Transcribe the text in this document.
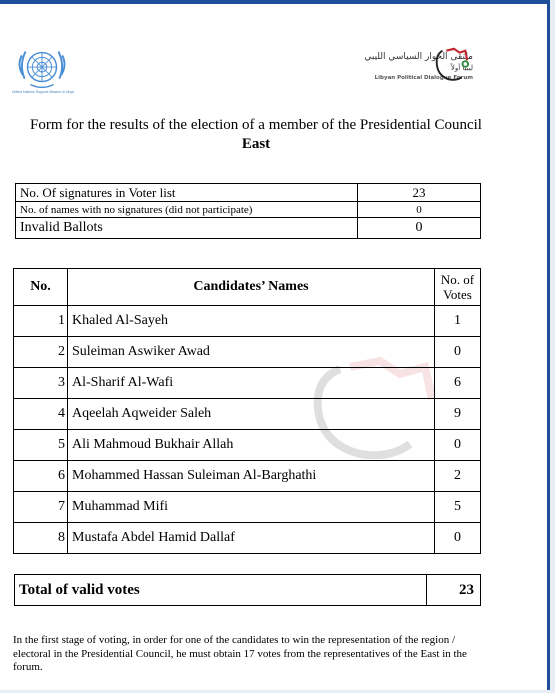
United Nations Support Mission in Libya
ملتقى الحوار السياسي الليبي
ليبيا أولاً
Libyan Political Dialogue Forum
Form for the results of the election of a member of the Presidential Council
East
No. Of signatures in Voter list	23
No. of names with no signatures (did not participate)	0
Invalid Ballots	0
No.	Candidates’ Names	No. of Votes
1	Khaled Al-Sayeh	1
2	Suleiman Aswiker Awad	0
3	Al-Sharif Al-Wafi	6
4	Aqeelah Aqweider Saleh	9
5	Ali Mahmoud Bukhair Allah	0
6	Mohammed Hassan Suleiman Al-Barghathi	2
7	Muhammad Mifi	5
8	Mustafa Abdel Hamid Dallaf	0
Total of valid votes	23
In the first stage of voting, in order for one of the candidates to win the representation of the region / electoral in the Presidential Council, he must obtain 17 votes from the representatives of the East in the forum.
